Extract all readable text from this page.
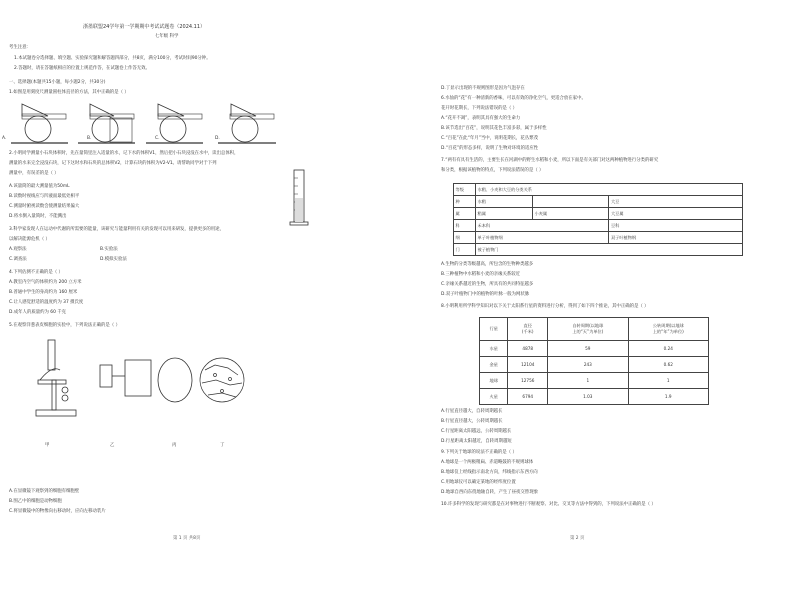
浙墨联盟24学年第一学期期中考试试题卷（2024.11）
七年级 科学
考生注意：
1.本试题卷分选择题、填空题、实验探究题和解答题四部分，共8页，满分100分，考试时间90分钟。
2.答题时，请在答题纸相应的位置上规范作答，在试题卷上作答无效。
一、选择题(本题共15小题，每小题2分，共30分)
1.如图是用刻度尺测量圆柱体直径的方法，其中正确的是（ ）
A.	B.	C.	D.
2.小明同学测量小石块体积时，先在量筒里注入适量的水，记下水的体积V1，然后把小石块浸没在水中，读出总体积，
测量的水来完全浸没石块，记下这时水和石块的总体积V2，计算石块的体积为V2-V1。请帮助同学对于下列
测量中，有误差的是（ ）
A.该量筒的最大测量值为50mL
B.读数时视线应与凹液面最低处相平
C.测量时俯视读数会使测量结果偏大
D.将水倒入量筒时，不能溅出
3.科学家发现人在运动中代谢的所需要的能量，该研究与能量利用有关的发现可以用来研发，提供更多的用途，
以解决能源危机（ ）
A.观察法	B.实验法
C.调查法	D.模拟实验法
4.下列估测不正确的是（ ）
A.教室内空气的体积约为 200 立方米
B.普通中学生的身高约为 160 厘米
C.让人感觉舒适的温度约为 37 摄氏度
D.成年人的质量约为 60 千克
5.在观察洋葱表皮细胞的实验中，下列说法正确的是（ ）
甲	乙	丙	丁
A.在显微镜下观察到的细胞有细胞壁
B.图乙中的细胞是动物细胞
C.将显微镜中的物像向右移动时，应向左移动装片
第 1 页 共8页
D.丁显示出现的不规则图形是因为气泡存在
6.水仙的“花”有一种清新的香味，可以有效的净化空气，更适合放在家中。
花开时花期长，下列说法错误的是（ ）
A.“花开不凋”，表明其具有强大的生命力
B.该节选出“百花”，说明其花色丰富多彩，属于多样性
C.“百花”在此“年月”当中，说明花期长，花丛繁茂
D.“百花”的形态多样，说明了生物对环境的适应性
7.“两有有具有生活的，主要生长在河湖中的野生水稻和小麦，所以下面是有关部门对这两种植物进行分类的研究
和分类，根据该植物的特点，下列说法错误的是（ ）
等级	水稻、小麦和大豆的分类关系		
种	水稻		大豆
属	稻属	小麦属	大豆属
科	禾本科		豆科
纲	单子叶植物纲		双子叶植物纲
门	被子植物门		
A.生物的分类等级越高，所包含的生物种类越多
B.三种植物中水稻和小麦的亲缘关系较近
C.亲缘关系越近的生物，所具有的共同特征越多
D.双子叶植物门中的植物的叶脉一般为网状脉
8.小明利用所学科学知识对以下关于太阳系行星的资料进行分析，得到了如下四个推论，其中正确的是（ ）
行星	直径
(千米)	自转周期(以地球
上的“天”为单位)	公转周期(以地球
上的“年”为单位)
水星	4878	59	0.24
金星	12104	243	0.62
地球	12756	1	1
火星	6794	1.03	1.9
A.行星直径越大，自转周期越长
B.行星直径越大，公转周期越长
C.行星距离太阳越远，公转周期越长
D.行星距离太阳越近，自转周期越短
9.下列关于地球的说法不正确的是（ ）
A.地球是一个两极稍扁、赤道略鼓的不规则球体
B.地球仪上经线指示南北方向，纬线指示东西方向
C.用地球仪可以确定某地的经纬度位置
D.地球自西向东绕地轴自转，产生了昼夜交替现象
10.许多科学的发现与研究都是在对事物进行不断观察、对比、交叉等方法中得到的，下列说法中正确的是（ ）
第 2 页
